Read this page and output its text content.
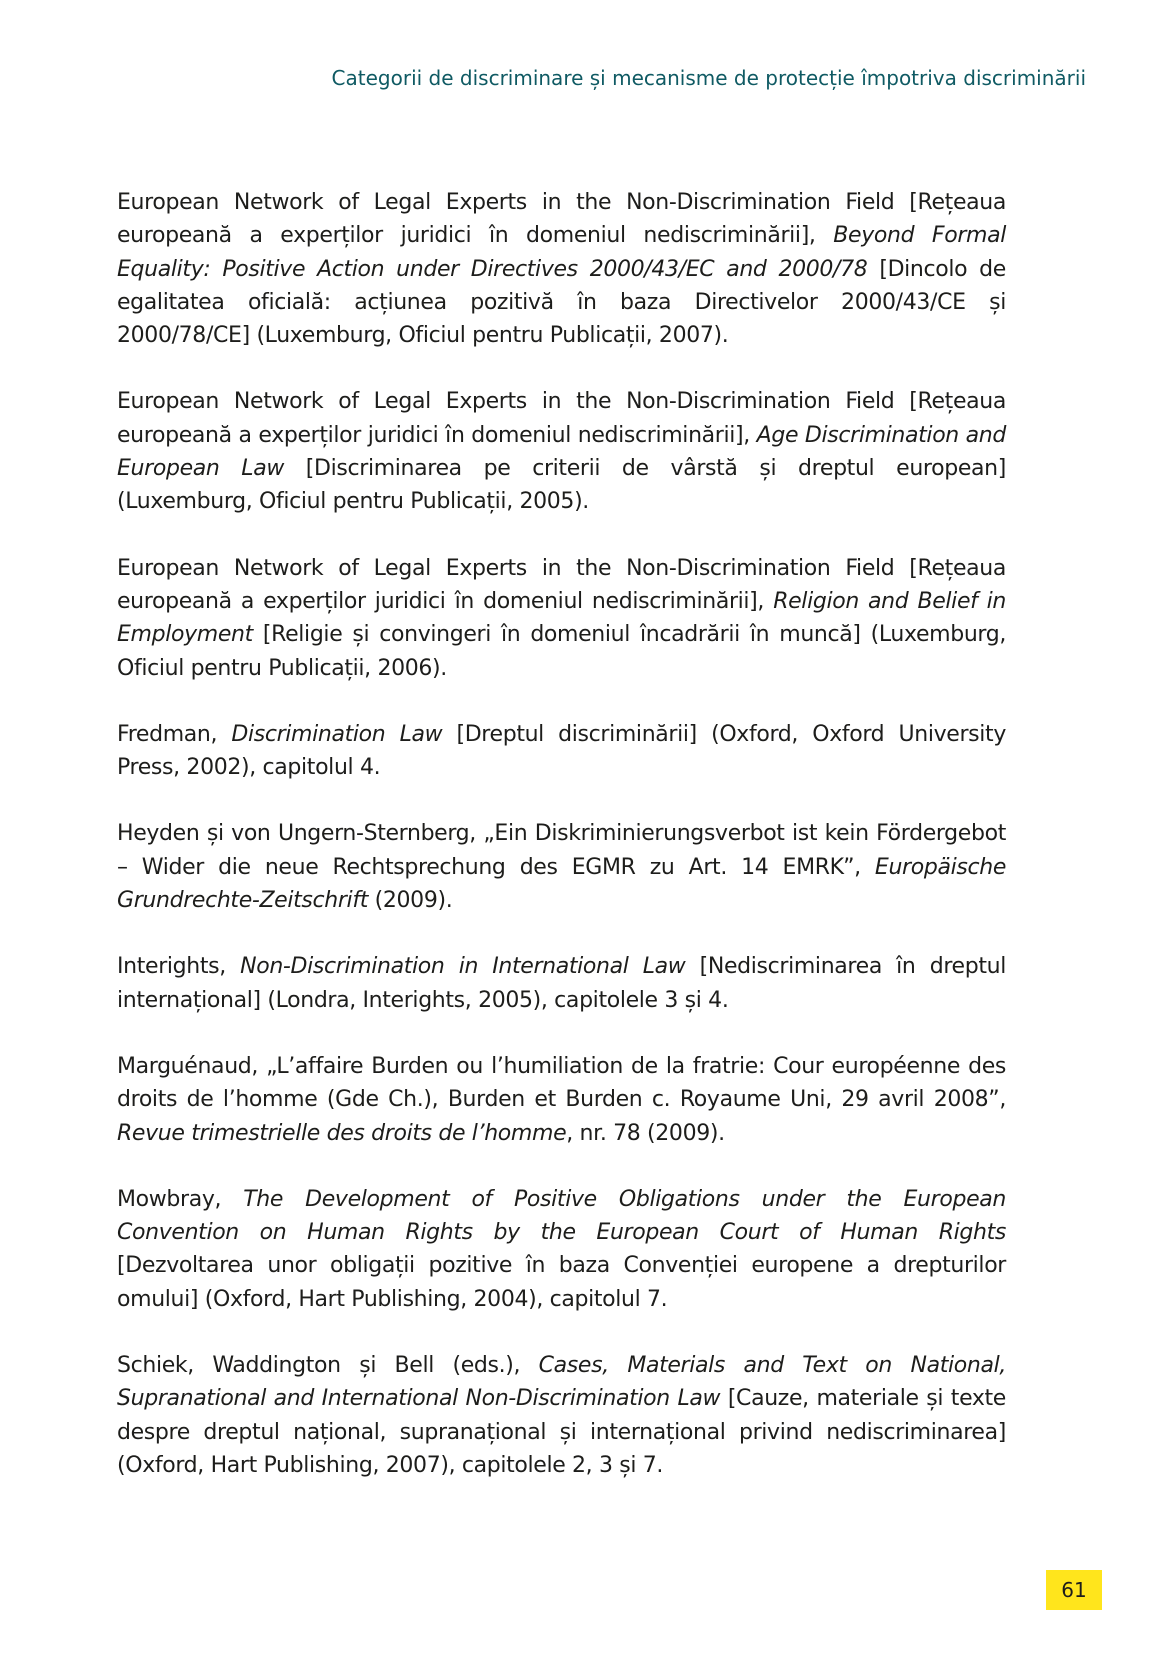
Categorii de discriminare și mecanisme de protecție împotriva discriminării

European Network of Legal Experts in the Non-Discrimination Field [Rețeaua europeană a experților juridici în domeniul nediscriminării], Beyond Formal Equality: Positive Action under Directives 2000/43/EC and 2000/78 [Dincolo de egalitatea oficială: acțiunea pozitivă în baza Directivelor 2000/43/CE și 2000/78/CE] (Luxemburg, Oficiul pentru Publicații, 2007).

European Network of Legal Experts in the Non-Discrimination Field [Rețeaua europeană a experților juridici în domeniul nediscriminării], Age Discrimination and European Law [Discriminarea pe criterii de vârstă și dreptul european] (Luxemburg, Oficiul pentru Publicații, 2005).

European Network of Legal Experts in the Non-Discrimination Field [Rețeaua europeană a experților juridici în domeniul nediscriminării], Religion and Belief in Employment [Religie și convingeri în domeniul încadrării în muncă] (Luxemburg, Oficiul pentru Publicații, 2006).

Fredman, Discrimination Law [Dreptul discriminării] (Oxford, Oxford University Press, 2002), capitolul 4.

Heyden și von Ungern-Sternberg, „Ein Diskriminierungsverbot ist kein Fördergebot – Wider die neue Rechtsprechung des EGMR zu Art. 14 EMRK”, Europäische Grundrechte-Zeitschrift (2009).

Interights, Non-Discrimination in International Law [Nediscriminarea în dreptul internațional] (Londra, Interights, 2005), capitolele 3 și 4.

Marguénaud, „L’affaire Burden ou l’humiliation de la fratrie: Cour européenne des droits de l’homme (Gde Ch.), Burden et Burden c. Royaume Uni, 29 avril 2008”, Revue trimestrielle des droits de l’homme, nr. 78 (2009).

Mowbray, The Development of Positive Obligations under the European Convention on Human Rights by the European Court of Human Rights [Dezvoltarea unor obligații pozitive în baza Convenției europene a drepturilor omului] (Oxford, Hart Publishing, 2004), capitolul 7.

Schiek, Waddington și Bell (eds.), Cases, Materials and Text on National, Supranational and International Non-Discrimination Law [Cauze, materiale și texte despre dreptul național, supranațional și internațional privind nediscriminarea] (Oxford, Hart Publishing, 2007), capitolele 2, 3 și 7.

61
